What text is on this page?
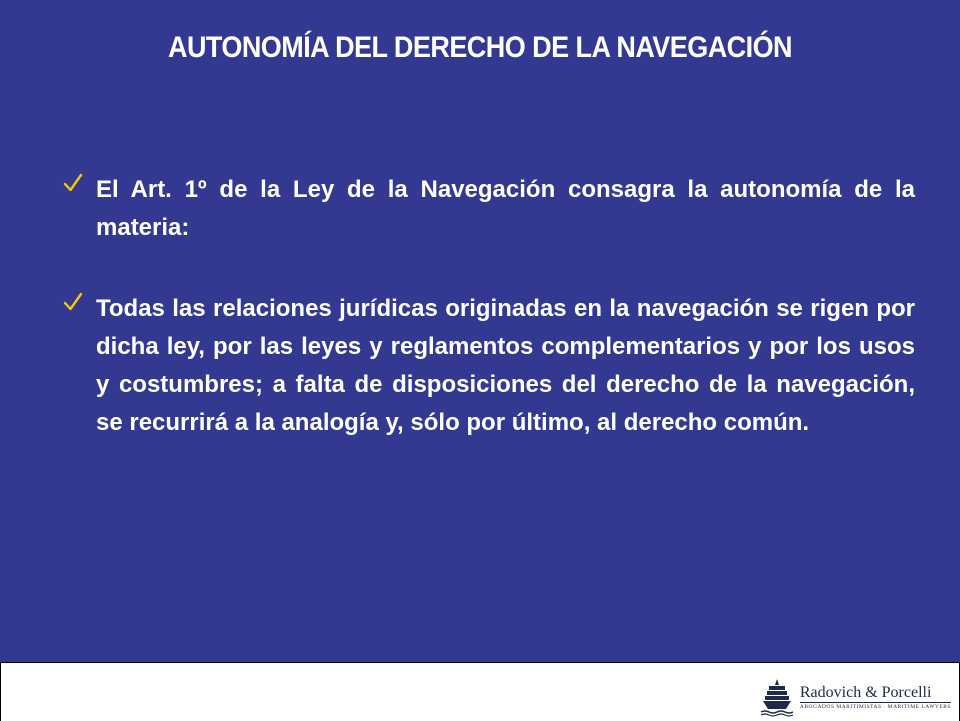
AUTONOMÍA DEL DERECHO DE LA NAVEGACIÓN

El Art. 1º de la Ley de la Navegación consagra la autonomía de la materia:

Todas las relaciones jurídicas originadas en la navegación se rigen por dicha ley, por las leyes y reglamentos complementarios y por los usos y costumbres; a falta de disposiciones del derecho de la navegación, se recurrirá a la analogía y, sólo por último, al derecho común.

Radovich & Porcelli
ABOGADOS MARITIMISTAS · MARITIME LAWYERS
